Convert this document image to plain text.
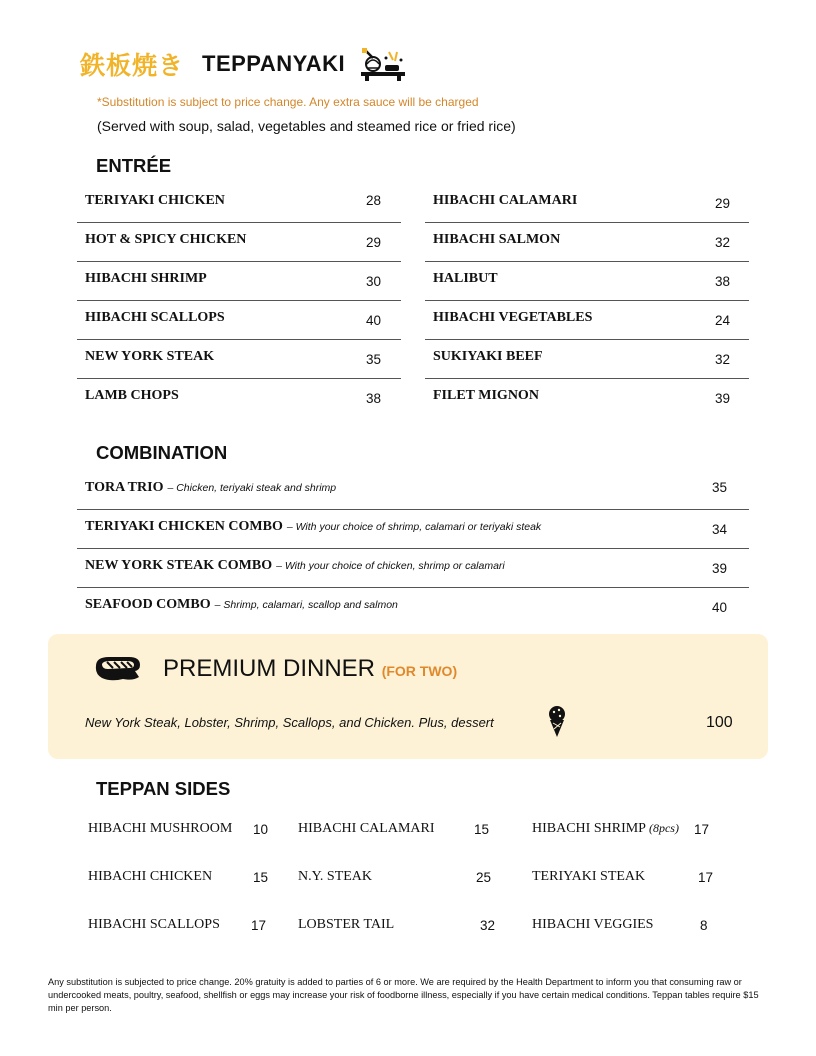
鉄板焼き TEPPANYAKI
*Substitution is subject to price change. Any extra sauce will be charged
(Served with soup, salad, vegetables and steamed rice or fried rice)
ENTRÉE
TERIYAKI CHICKEN	28
HOT & SPICY CHICKEN	29
HIBACHI SHRIMP	30
HIBACHI SCALLOPS	40
NEW YORK STEAK	35
LAMB CHOPS	38
HIBACHI CALAMARI	29
HIBACHI SALMON	32
HALIBUT	38
HIBACHI VEGETABLES	24
SUKIYAKI BEEF	32
FILET MIGNON	39
COMBINATION
TORA TRIO – Chicken, teriyaki steak and shrimp	35
TERIYAKI CHICKEN COMBO – With your choice of shrimp, calamari or teriyaki steak	34
NEW YORK STEAK COMBO – With your choice of chicken, shrimp or calamari	39
SEAFOOD COMBO – Shrimp, calamari, scallop and salmon	40
PREMIUM DINNER (FOR TWO)
New York Steak, Lobster, Shrimp, Scallops, and Chicken. Plus, dessert	100
TEPPAN SIDES
HIBACHI MUSHROOM 10 HIBACHI CALAMARI	15	HIBACHI SHRIMP (8pcs) 17
HIBACHI CHICKEN	15 N.Y. STEAK	25	TERIYAKI STEAK	17
HIBACHI SCALLOPS 17 LOBSTER TAIL	32	HIBACHI VEGGIES	8
Any substitution is subjected to price change. 20% gratuity is added to parties of 6 or more. We are required by the Health Department to inform you that consuming raw or undercooked meats, poultry, seafood, shellfish or eggs may increase your risk of foodborne illness, especially if you have certain medical conditions. Teppan tables require $15 min per person.
